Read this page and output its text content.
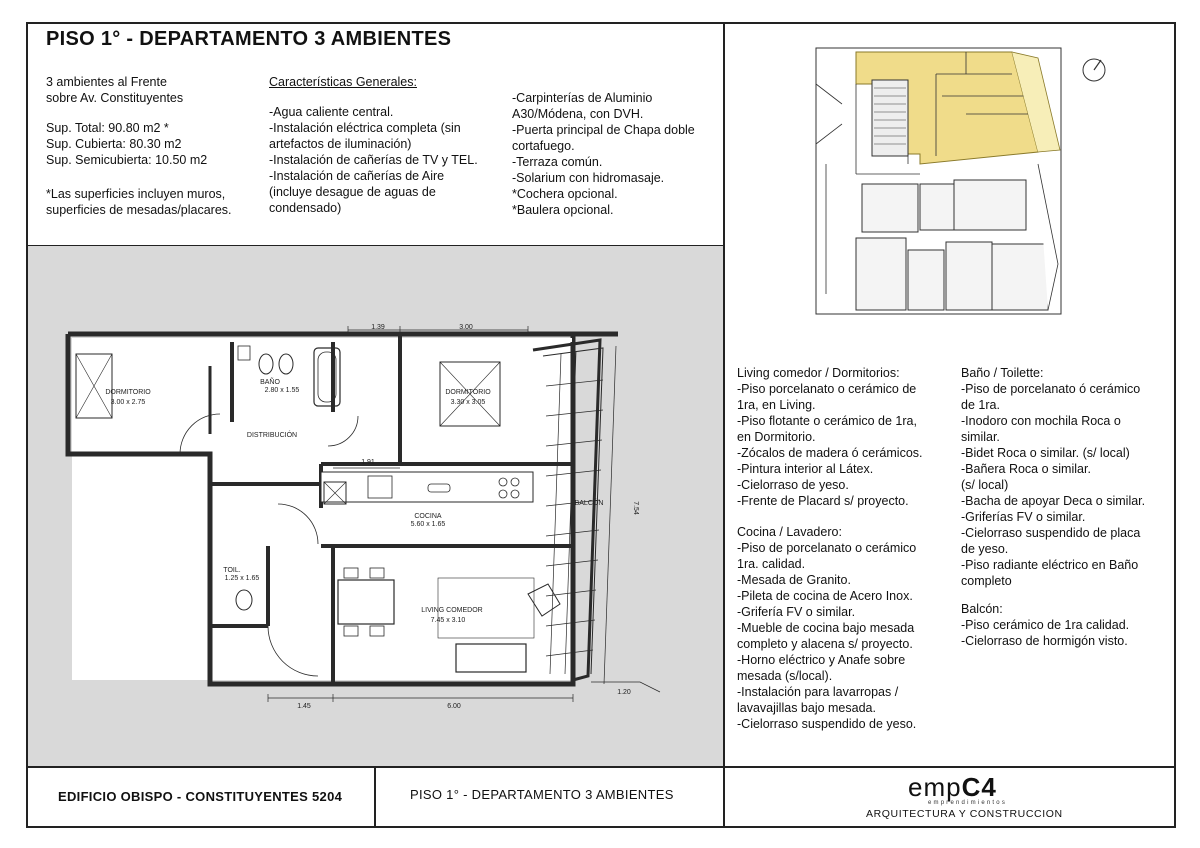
PISO 1° - DEPARTAMENTO 3 AMBIENTES
3 ambientes al Frente
sobre Av. Constituyentes
Sup. Total: 90.80 m2 *
Sup. Cubierta: 80.30 m2
Sup. Semicubierta: 10.50 m2
*Las superficies incluyen muros,
superficies de mesadas/placares.
Características Generales:
-Agua caliente central.
-Instalación eléctrica completa (sin
artefactos de iluminación)
-Instalación de cañerías de TV y TEL.
-Instalación de cañerías de Aire
(incluye desague de aguas de
condensado)
-Carpinterías de Aluminio
A30/Módena, con DVH.
-Puerta principal de Chapa doble
cortafuego.
-Terraza común.
-Solarium con hidromasaje.
*Cochera opcional.
*Baulera opcional.
DORMITORIO
3.00 x 2.75
BAÑO
2.80 x 1.55	DORMITORIO
3.30 x 3.05
DISTRIBUCIÓN
COCINA
5.60 x 1.65
BALCÓN
TOIL.
1.25 x 1.65
LIVING COMEDOR
7.45 x 3.10
1.39	3.00
1.91
7.54
1.45	6.00
1.20
Living comedor / Dormitorios:
-Piso porcelanato o cerámico de
1ra, en Living.
-Piso flotante o cerámico de 1ra,
en Dormitorio.
-Zócalos de madera ó cerámicos.
-Pintura interior al Látex.
-Cielorraso de yeso.
-Frente de Placard s/ proyecto.
Cocina / Lavadero:
-Piso de porcelanato o cerámico
1ra. calidad.
-Mesada de Granito.
-Pileta de cocina de Acero Inox.
-Grifería FV o similar.
-Mueble de cocina bajo mesada
completo y alacena s/ proyecto.
-Horno eléctrico y Anafe sobre
mesada (s/local).
-Instalación para lavarropas /
lavavajillas bajo mesada.
-Cielorraso suspendido de yeso.
Baño / Toilette:
-Piso de porcelanato ó cerámico
de 1ra.
-Inodoro con mochila Roca o
similar.
-Bidet Roca o similar. (s/ local)
-Bañera Roca o similar.
(s/ local)
-Bacha de apoyar Deca o similar.
-Griferías FV o similar.
-Cielorraso suspendido de placa
de yeso.
-Piso radiante eléctrico en Baño
completo
Balcón:
-Piso cerámico de 1ra calidad.
-Cielorraso de hormigón visto.
EDIFICIO OBISPO - CONSTITUYENTES 5204	PISO 1° - DEPARTAMENTO 3 AMBIENTES	empC4
emprendimientos
ARQUITECTURA Y CONSTRUCCION
